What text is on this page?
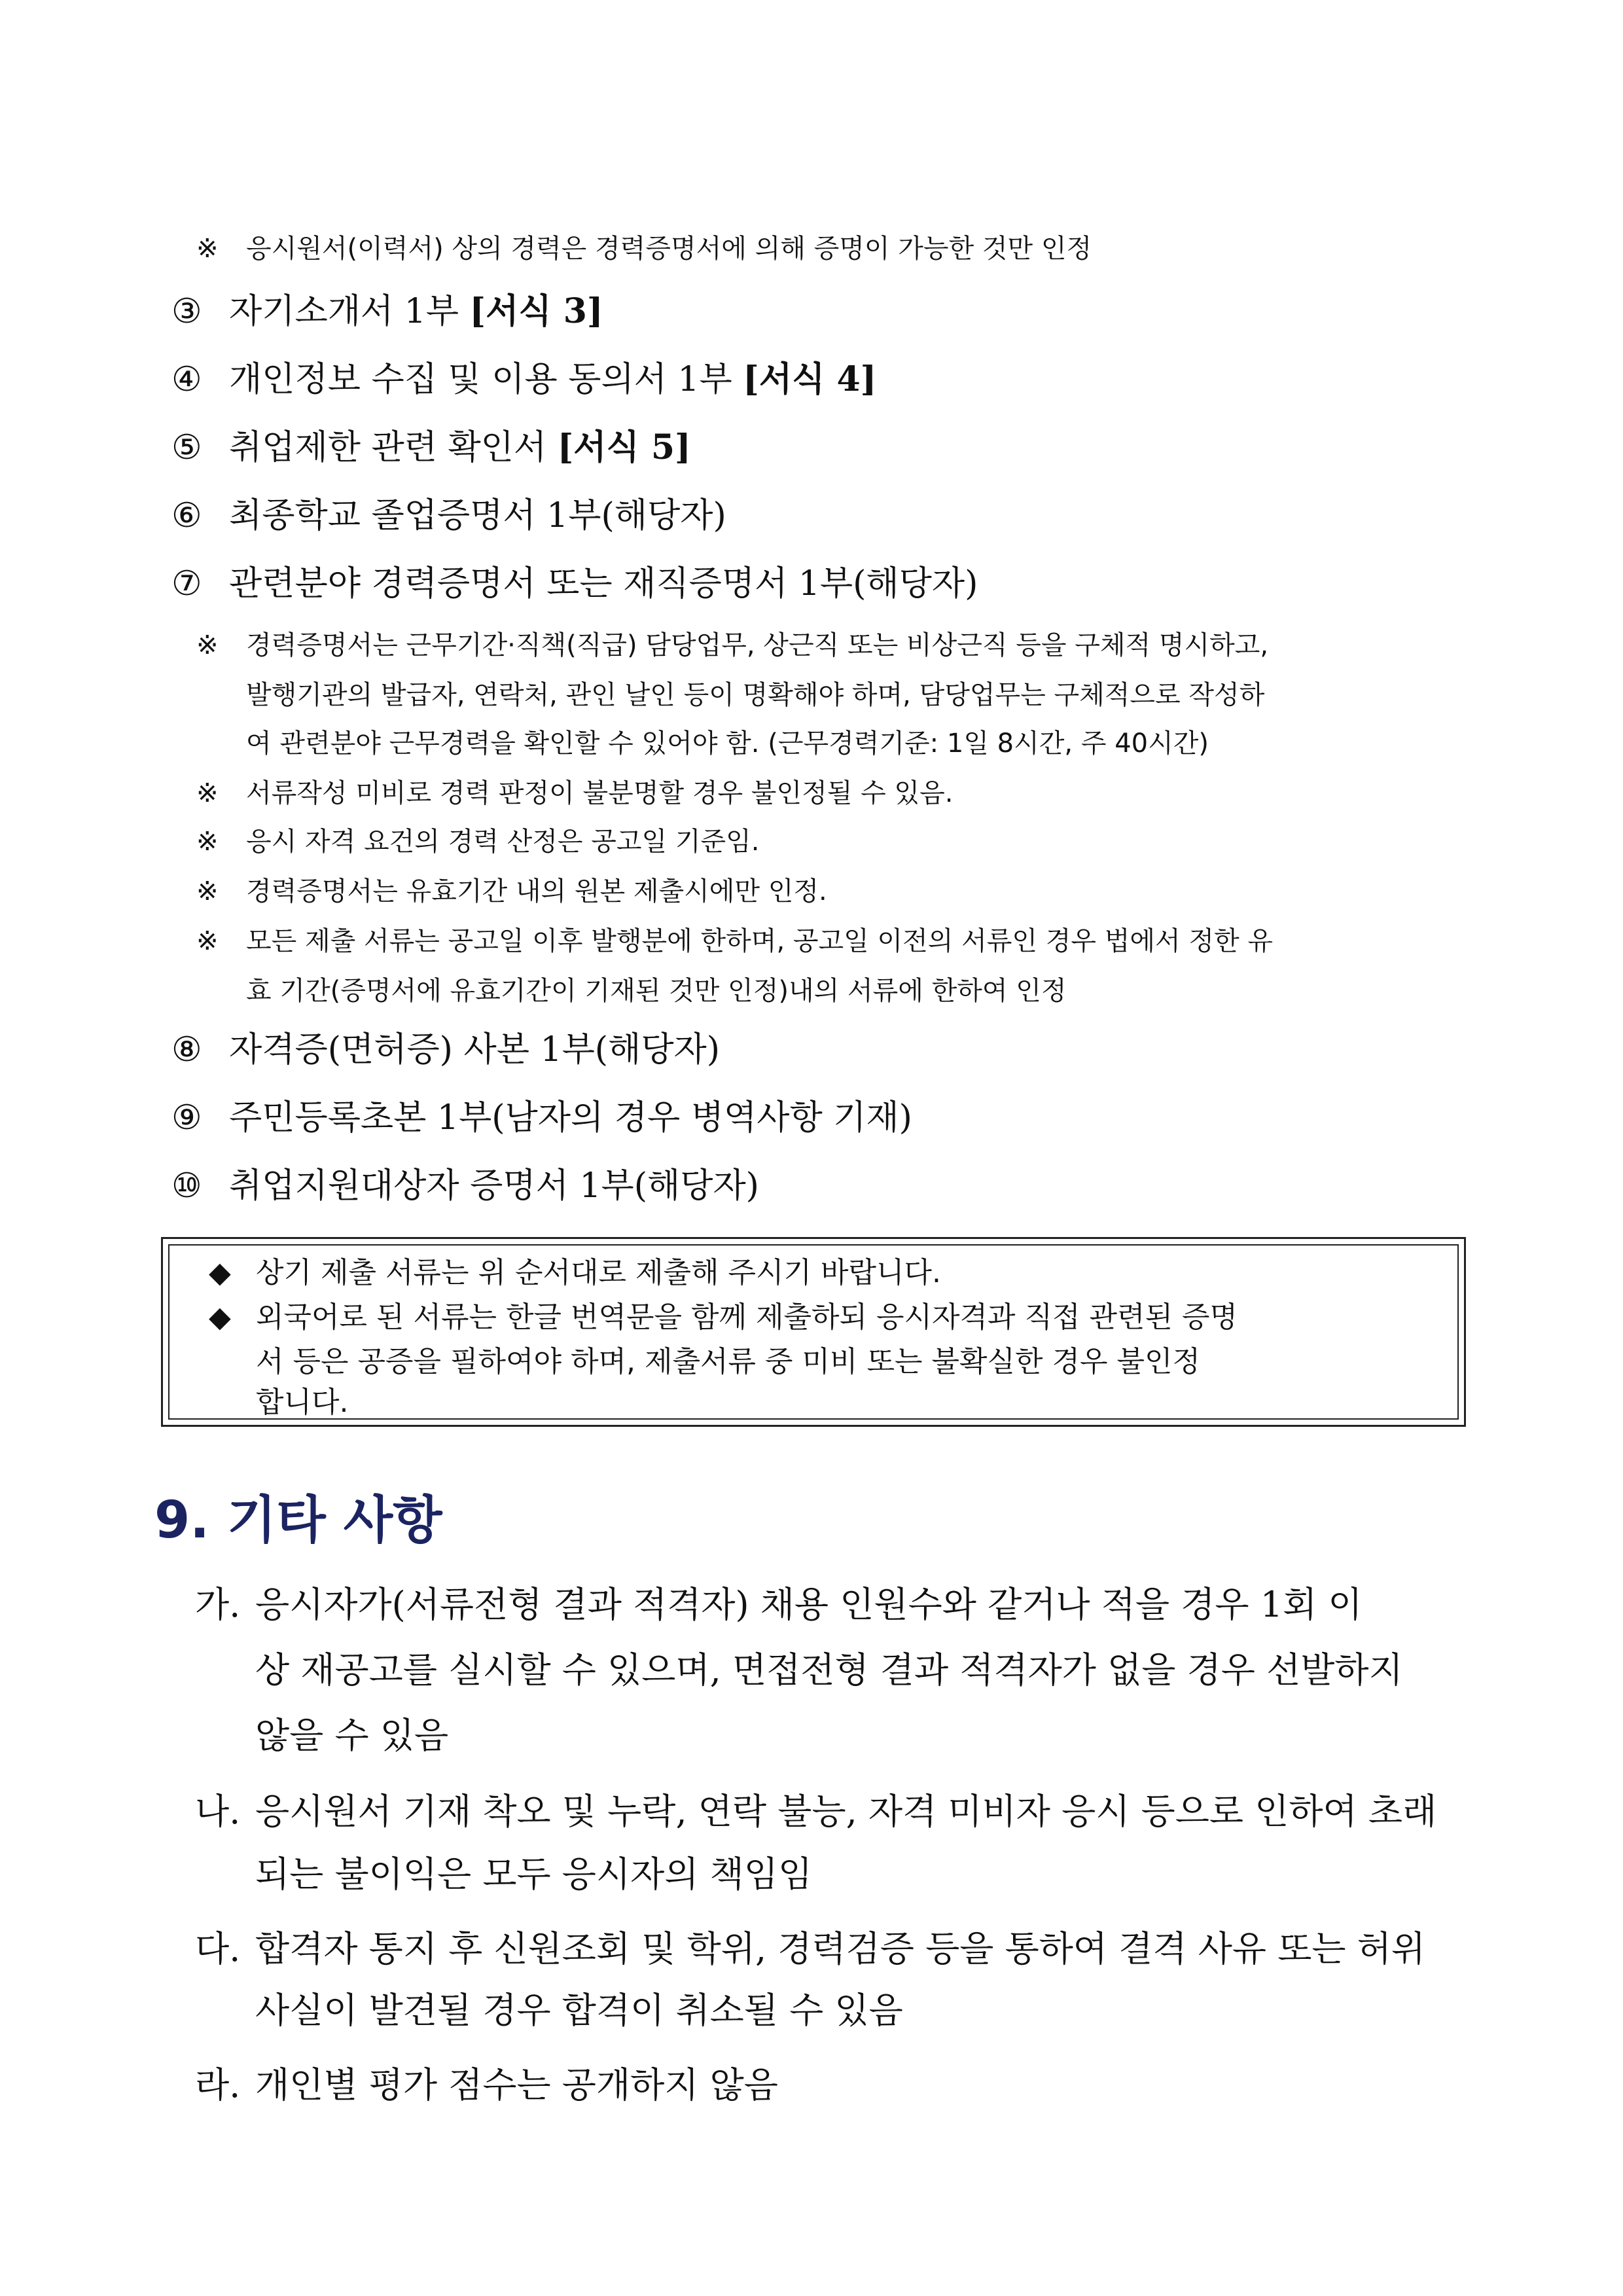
※	응시원서(이력서) 상의 경력은 경력증명서에 의해 증명이 가능한 것만 인정
③ 자기소개서 1부 [서식 3]
④ 개인정보 수집 및 이용 동의서 1부 [서식 4]
⑤ 취업제한 관련 확인서 [서식 5]
⑥ 최종학교 졸업증명서 1부(해당자)
⑦ 관련분야 경력증명서 또는 재직증명서 1부(해당자)
※	경력증명서는 근무기간·직책(직급) 담당업무, 상근직 또는 비상근직 등을 구체적 명시하고,
발행기관의 발급자, 연락처, 관인 날인 등이 명확해야 하며, 담당업무는 구체적으로 작성하
여 관련분야 근무경력을 확인할 수 있어야 함. (근무경력기준: 1일 8시간, 주 40시간)
※	서류작성 미비로 경력 판정이 불분명할 경우 불인정될 수 있음.
※	응시 자격 요건의 경력 산정은 공고일 기준임.
※	경력증명서는 유효기간 내의 원본 제출시에만 인정.
※	모든 제출 서류는 공고일 이후 발행분에 한하며, 공고일 이전의 서류인 경우 법에서 정한 유
효 기간(증명서에 유효기간이 기재된 것만 인정)내의 서류에 한하여 인정
⑧ 자격증(면허증) 사본 1부(해당자)
⑨ 주민등록초본 1부(남자의 경우 병역사항 기재)
⑩ 취업지원대상자 증명서 1부(해당자)
◆ 상기 제출 서류는 위 순서대로 제출해 주시기 바랍니다.
◆ 외국어로 된 서류는 한글 번역문을 함께 제출하되 응시자격과 직접 관련된 증명
서 등은 공증을 필하여야 하며, 제출서류 중 미비 또는 불확실한 경우 불인정
합니다.
9. 기타 사항
가. 응시자가(서류전형 결과 적격자) 채용 인원수와 같거나 적을 경우 1회 이
상 재공고를 실시할 수 있으며, 면접전형 결과 적격자가 없을 경우 선발하지
않을 수 있음
나. 응시원서 기재 착오 및 누락, 연락 불능, 자격 미비자 응시 등으로 인하여 초래
되는 불이익은 모두 응시자의 책임임
다. 합격자 통지 후 신원조회 및 학위, 경력검증 등을 통하여 결격 사유 또는 허위
사실이 발견될 경우 합격이 취소될 수 있음
라. 개인별 평가 점수는 공개하지 않음
